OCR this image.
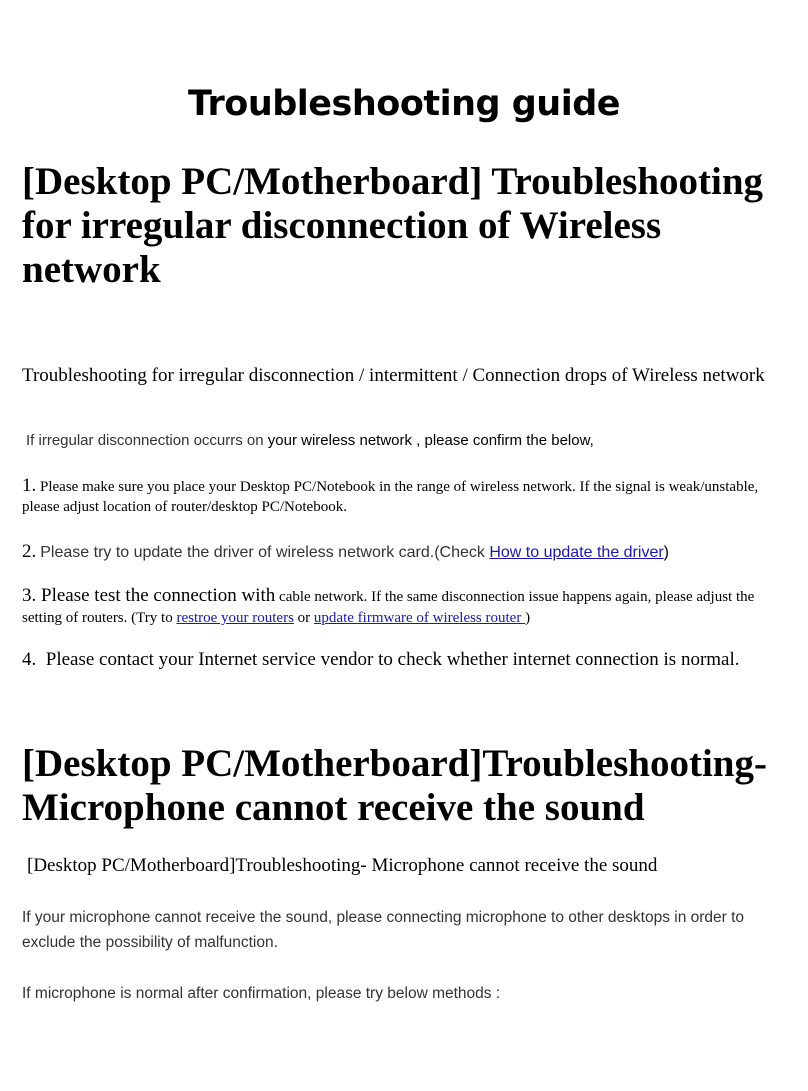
Troubleshooting guide
[Desktop PC/Motherboard] Troubleshooting for irregular disconnection of Wireless network
Troubleshooting for irregular disconnection / intermittent / Connection drops of Wireless network
If irregular disconnection occurrs on your wireless network , please confirm the below,
1. Please make sure you place your Desktop PC/Notebook in the range of wireless network. If the signal is weak/unstable, please adjust location of router/desktop PC/Notebook.
2. Please try to update the driver of wireless network card.(Check How to update the driver)
3. Please test the connection with cable network. If the same disconnection issue happens again, please adjust the setting of routers. (Try to restroe your routers or update firmware of wireless router )
4. Please contact your Internet service vendor to check whether internet connection is normal.
[Desktop PC/Motherboard]Troubleshooting-Microphone cannot receive the sound
[Desktop PC/Motherboard]Troubleshooting- Microphone cannot receive the sound
If your microphone cannot receive the sound, please connecting microphone to other desktops in order to exclude the possibility of malfunction.
If microphone is normal after confirmation, please try below methods :
